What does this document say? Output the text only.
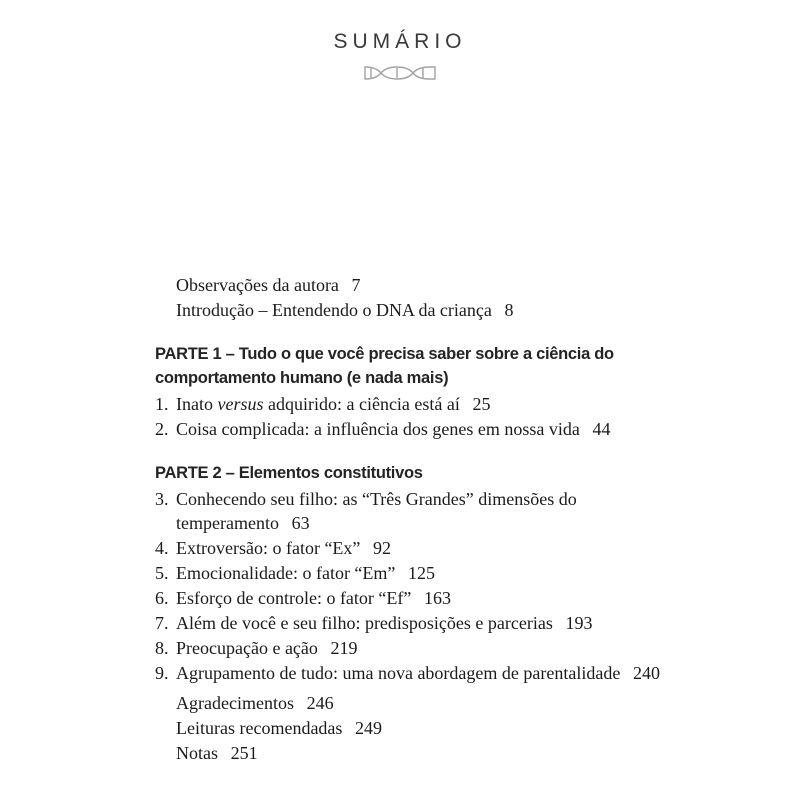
SUMÁRIO
Observações da autora 7
Introdução – Entendendo o DNA da criança 8
PARTE 1 – Tudo o que você precisa saber sobre a ciência do comportamento humano (e nada mais)
1. Inato versus adquirido: a ciência está aí 25
2. Coisa complicada: a influência dos genes em nossa vida 44
PARTE 2 – Elementos constitutivos
3. Conhecendo seu filho: as “Três Grandes” dimensões do temperamento 63
4. Extroversão: o fator “Ex” 92
5. Emocionalidade: o fator “Em” 125
6. Esforço de controle: o fator “Ef” 163
7. Além de você e seu filho: predisposições e parcerias 193
8. Preocupação e ação 219
9. Agrupamento de tudo: uma nova abordagem de parentalidade 240
Agradecimentos 246
Leituras recomendadas 249
Notas 251
